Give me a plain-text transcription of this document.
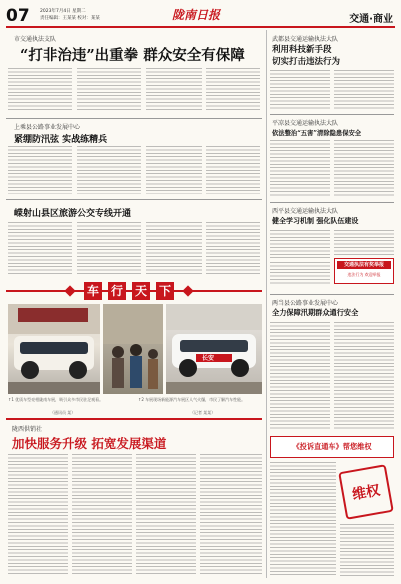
07 2023年7月4日 星期二
责任编辑：王某某 校对：某某	陇南日报	交通·商业
市交通执法支队
“打非治违”出重拳 群众安全有保障
上乘县公路事业发展中心
紧绷防汛弦 实战练精兵
嵘射山县区旅游公交专线开通
车 行 天 下
长安
↑1 优质车型亮相陇南车展，吸引众多市民驻足观看。	↑2 车展现场新能源汽车展区人气火爆，市民了解汽车性能。
（通讯员 某）	（记者 某某）
陇西供销社
加快服务升级 拓宽发展渠道
武都县交通运输执法大队
利用科技新手段
切实打击违法行为
平凉县交通运输执法大队
依法整治“五害”清除隐患保安全
西平县交通运输执法大队
健全学习机制 强化队伍建设
交通执法有奖举报
违法行为 欢迎举报
两当县公路事业发展中心
全力保障汛期群众通行安全
《投诉直通车》帮您维权
维权
